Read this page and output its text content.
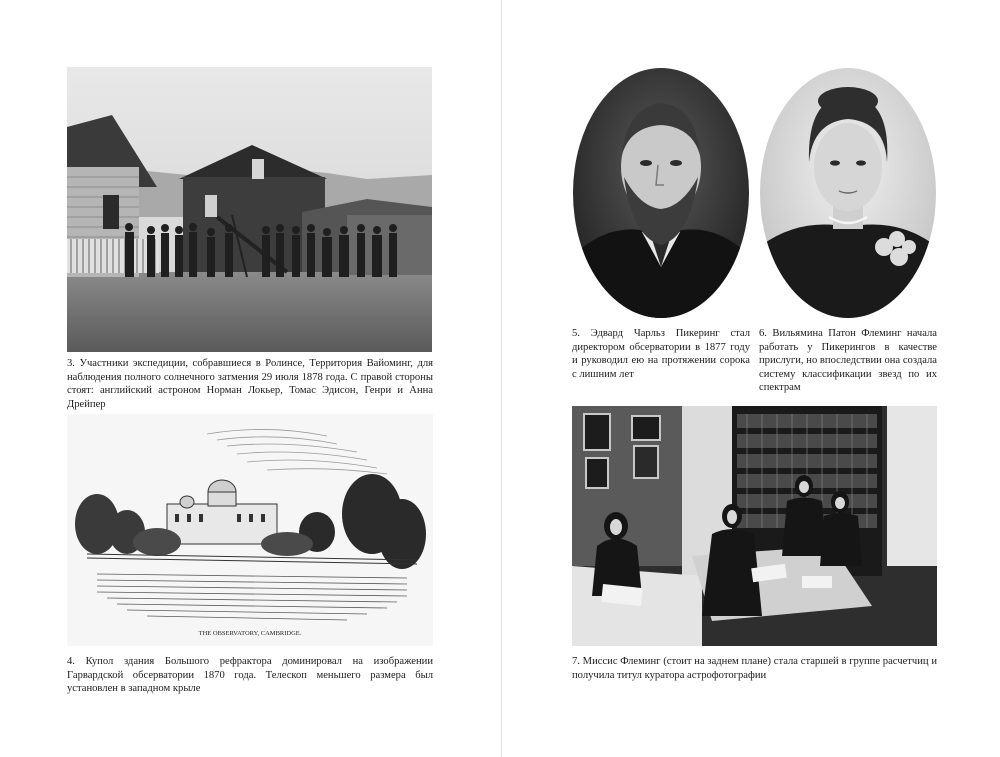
3. Участники экспедиции, собравшиеся в Ролинсе, Территория Вайоминг, для наблюдения полного солнечного затмения 29 июля 1878 года. С правой стороны стоят: английский астроном Норман Локьер, Томас Эдисон, Генри и Анна Дрейпер

THE OBSERVATORY, CAMBRIDGE.

4. Купол здания Большого рефрактора доминировал на изображении Гарвардской обсерватории 1870 года. Телескоп меньшего размера был установлен в западном крыле

5. Эдвард Чарльз Пикеринг стал директором обсерватории в 1877 году и руководил ею на протяжении сорока с лишним лет

6. Вильямина Патон Флеминг начала работать у Пикерингов в качестве прислуги, но впоследствии она создала систему классификации звезд по их спектрам

7. Миссис Флеминг (стоит на заднем плане) стала старшей в группе расчетчиц и получила титул куратора астрофотографии
